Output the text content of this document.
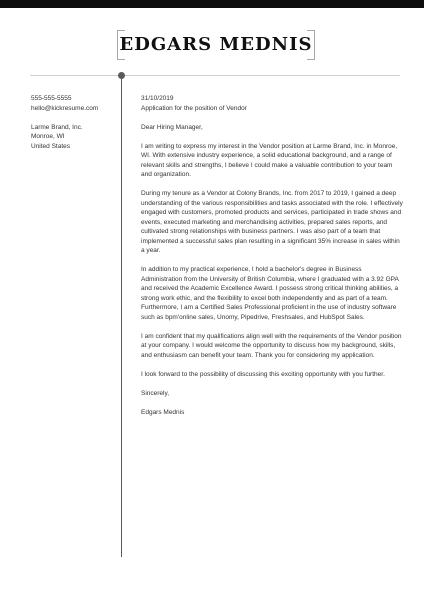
EDGARS MEDNIS
555-555-5555
hello@kickresume.com
Larme Brand, Inc.
Monroe, WI
United States

31/10/2019

Application for the position of Vendor

Dear Hiring Manager,

I am writing to express my interest in the Vendor position at Larme Brand, Inc. in Monroe, WI. With extensive industry experience, a solid educational background, and a range of relevant skills and strengths, I believe I could make a valuable contribution to your team and organization.

During my tenure as a Vendor at Colony Brands, Inc. from 2017 to 2019, I gained a deep understanding of the various responsibilities and tasks associated with the role. I effectively engaged with customers, promoted products and services, participated in trade shows and events, executed marketing and merchandising activities, prepared sales reports, and cultivated strong relationships with business partners. I was also part of a team that implemented a successful sales plan resulting in a significant 35% increase in sales within a year.

In addition to my practical experience, I hold a bachelor's degree in Business Administration from the University of British Columbia, where I graduated with a 3.92 GPA and received the Academic Excellence Award. I possess strong critical thinking abilities, a strong work ethic, and the flexibility to excel both independently and as part of a team. Furthermore, I am a Certified Sales Professional proficient in the use of industry software such as bpm'online sales, Unomy, Pipedrive, Freshsales, and HubSpot Sales.

I am confident that my qualifications align well with the requirements of the Vendor position at your company. I would welcome the opportunity to discuss how my background, skills, and enthusiasm can benefit your team. Thank you for considering my application.

I look forward to the possibility of discussing this exciting opportunity with you further.

Sincerely,

Edgars Mednis
